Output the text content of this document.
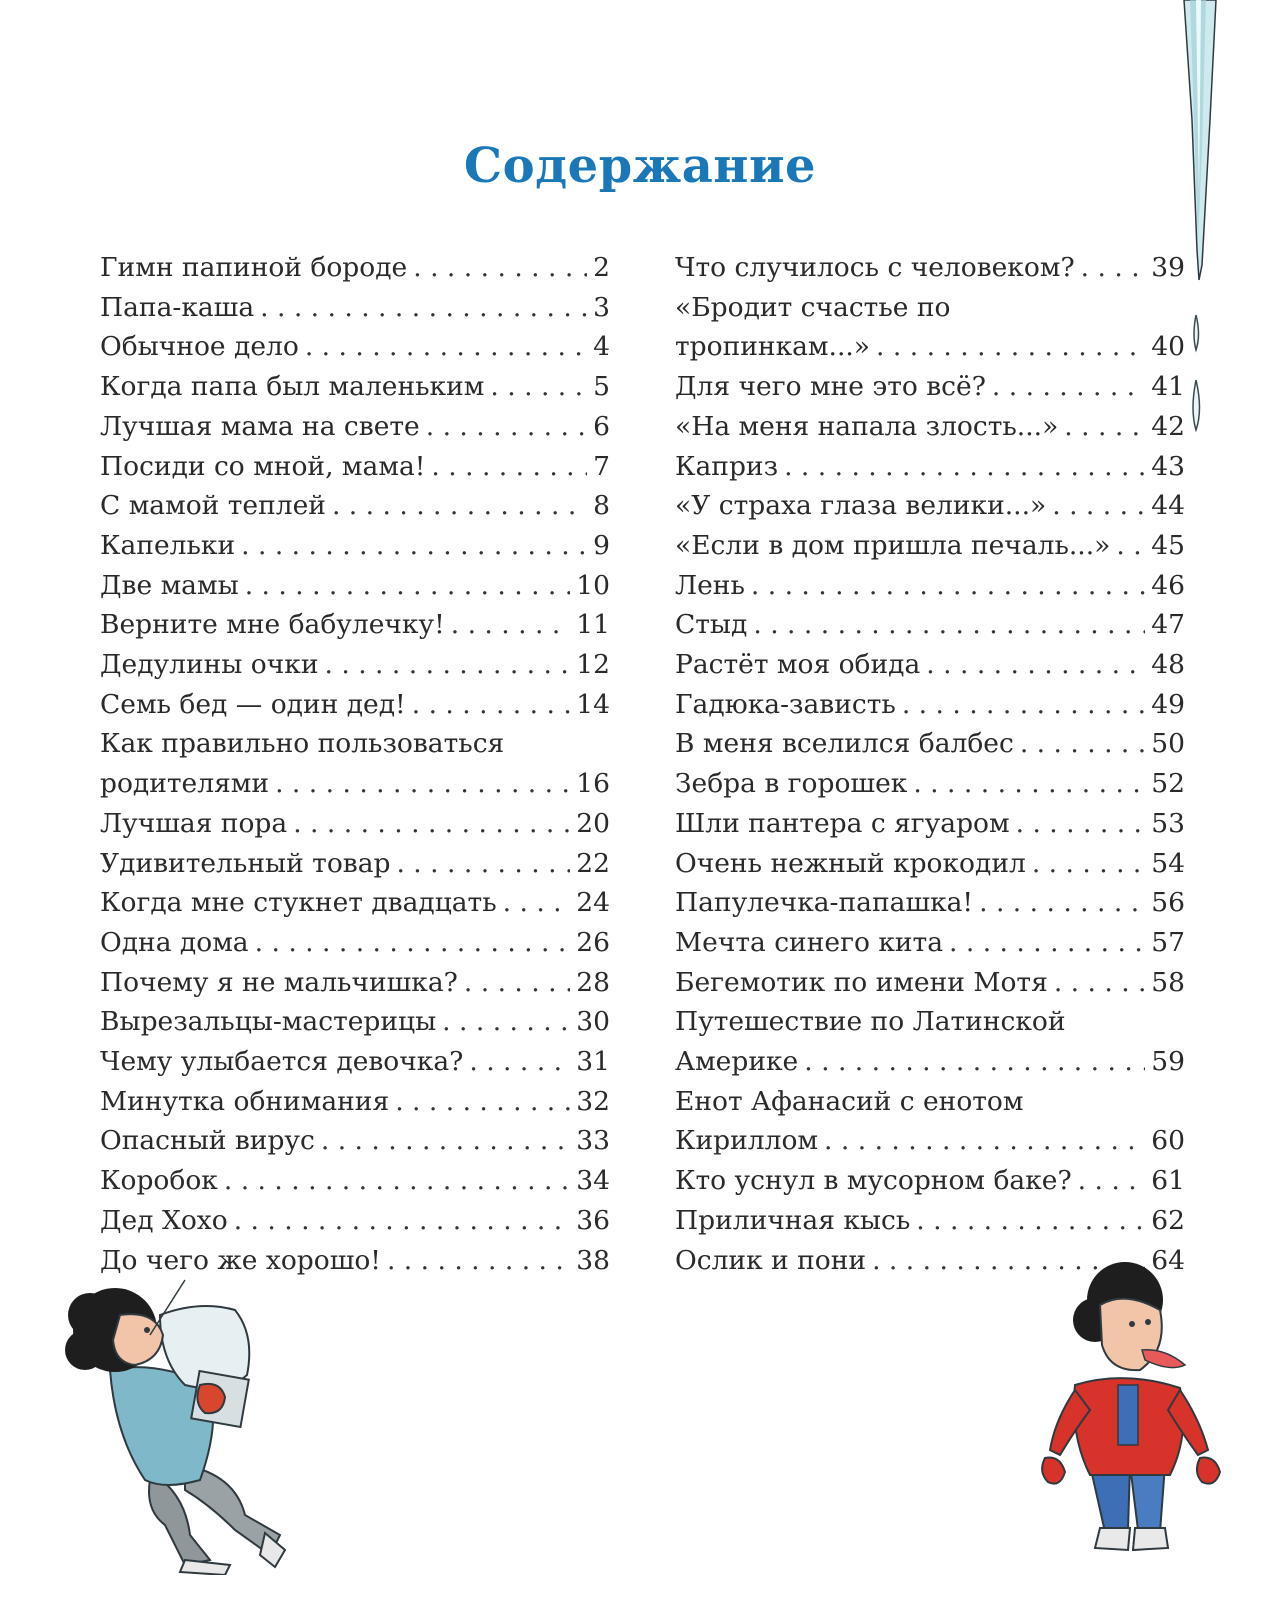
Содержание
Гимн папиной бороде . . .	2
Папа-каша . . .	3
Обычное дело . . .	4
Когда папа был маленьким . . .	5
Лучшая мама на свете . . .	6
Посиди со мной, мама! . . .	7
С мамой теплей . . .	8
Капельки . . .	9
Две мамы . . .	10
Верните мне бабулечку! . . .	11
Дедулины очки . . .	12
Семь бед — один дед! . . .	14
Как правильно пользоваться
родителями . . .	16
Лучшая пора . . .	20
Удивительный товар . . .	22
Когда мне стукнет двадцать . . .	24
Одна дома . . .	26
Почему я не мальчишка? . . .	28
Вырезальцы-мастерицы . . .	30
Чему улыбается девочка? . . .	31
Минутка обнимания . . .	32
Опасный вирус . . .	33
Коробок . . .	34
Дед Хохо . . .	36
До чего же хорошо! . . .	38
Что случилось с человеком? . . .	39
«Бродит счастье по
тропинкам...» . . .	40
Для чего мне это всё? . . .	41
«На меня напала злость...» . . .	42
Каприз . . .	43
«У страха глаза велики...» . . .	44
«Если в дом пришла печаль...» . . . 45
Лень . . .	46
Стыд . . .	47
Растёт моя обида . . .	48
Гадюка-зависть . . .	49
В меня вселился балбес . . .	50
Зебра в горошек . . .	52
Шли пантера с ягуаром . . .	53
Очень нежный крокодил . . .	54
Папулечка-папашка! . . .	56
Мечта синего кита . . .	57
Бегемотик по имени Мотя . . .	58
Путешествие по Латинской
Америке . . .	59
Енот Афанасий с енотом
Кириллом . . .	60
Кто уснул в мусорном баке? . . .	61
Приличная кысь . . .	62
Ослик и пони . . .	64
